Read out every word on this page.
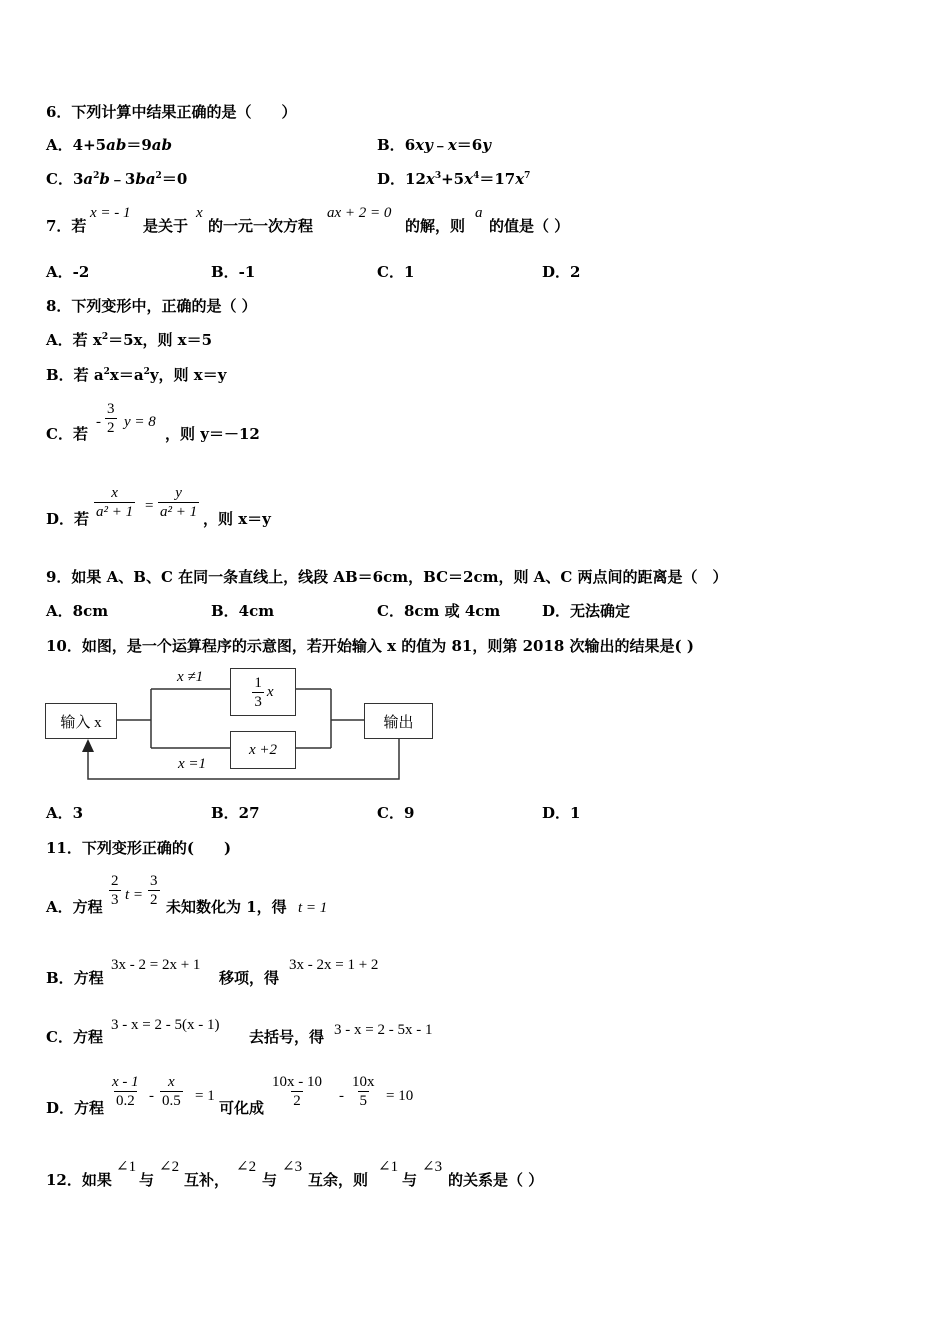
6．下列计算中结果正确的是（　　）
A．4+5ab＝9ab	B．6xy﹣x＝6y
C．$3a^2b﹣3ba^2=0$	D．$12x^3+5x^4=17x^7$
7．若
x = - 1
是关于
x
的一元一次方程
ax + 2 = 0
的解，则
a
的值是（ ）
A．-2	B．-1	C．1	D．2
8．下列变形中，正确的是（ ）
A．若 $x^2=5x$，则 x＝5
B．若 $a^2x=a^2y$，则 x＝y
C．若
- $\frac{3}{2}$ y = 8
，则 y＝－12
D．若 $\frac{x}{\text{a² + 1}} = \frac{y}{\text{a² + 1}}$ ，则 x＝y
9．如果 A、B、C 在同一条直线上，线段 AB＝6cm，BC＝2cm，则 A、C 两点间的距离是（　）
A．8cm	B．4cm	C．8cm 或 4cm	D．无法确定
10．如图，是一个运算程序的示意图，若开始输入 x 的值为 81，则第 2018 次输出的结果是( )
输入 x	输出
$\frac{1}{3}$ x
x +2
x ≠1
x =1
A．3	B．27	C．9	D．1
11．下列变形正确的(　　)
A．方程 $\frac{2}{3}$ $t = \frac{3}{2}$ 未知数化为 1，得 t = 1
B．方程
3x - 2 = 2x + 1
移项，得
3x - 2x = 1 + 2
C．方程
3 - x = 2 - 5(x - 1)
去括号，得 3 - x = 2 - 5x - 1
D．方程 $\frac{x - 1}{0.2} - \frac{x}{0.5} = 1$
可化成 $\frac{10x - 10}{2} - \frac{10x}{5} = 10$
12．如果
∠1
与
∠2
互补，
∠2
与
∠3
互余，则
∠1
与
∠3
的关系是（ ）
